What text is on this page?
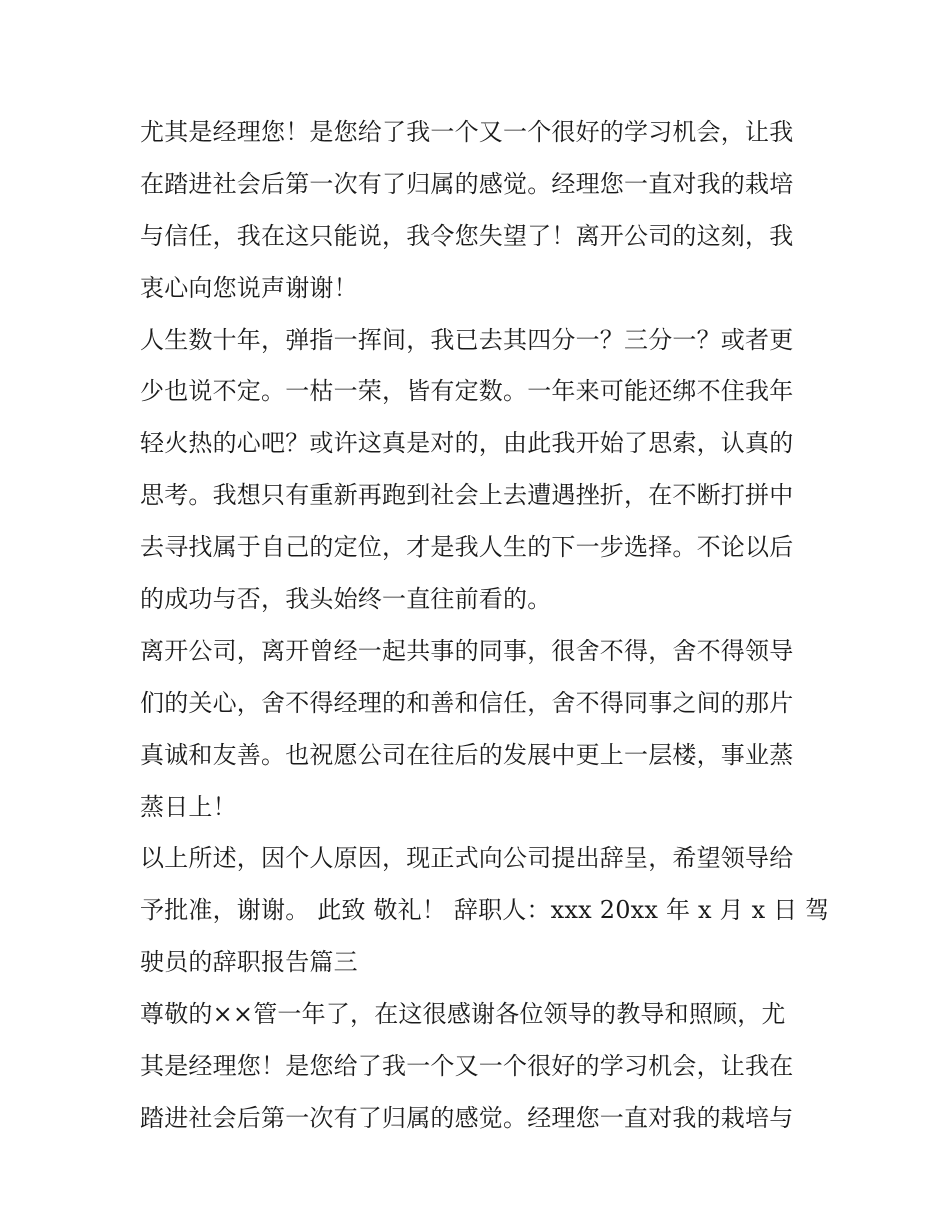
尤其是经理您！是您给了我一个又一个很好的学习机会，让我
在踏进社会后第一次有了归属的感觉。经理您一直对我的栽培
与信任，我在这只能说，我令您失望了！离开公司的这刻，我
衷心向您说声谢谢！
人生数十年，弹指一挥间，我已去其四分一？三分一？或者更
少也说不定。一枯一荣，皆有定数。一年来可能还绑不住我年
轻火热的心吧？或许这真是对的，由此我开始了思索，认真的
思考。我想只有重新再跑到社会上去遭遇挫折，在不断打拼中
去寻找属于自己的定位，才是我人生的下一步选择。不论以后
的成功与否，我头始终一直往前看的。
离开公司，离开曾经一起共事的同事，很舍不得，舍不得领导
们的关心，舍不得经理的和善和信任，舍不得同事之间的那片
真诚和友善。也祝愿公司在往后的发展中更上一层楼，事业蒸
蒸日上！
以上所述，因个人原因，现正式向公司提出辞呈，希望领导给
予批准，谢谢。 此致 敬礼！ 辞职人：xxx 20xx 年 x 月 x 日 驾
驶员的辞职报告篇三
尊敬的××管一年了，在这很感谢各位领导的教导和照顾，尤
其是经理您！是您给了我一个又一个很好的学习机会，让我在
踏进社会后第一次有了归属的感觉。经理您一直对我的栽培与
